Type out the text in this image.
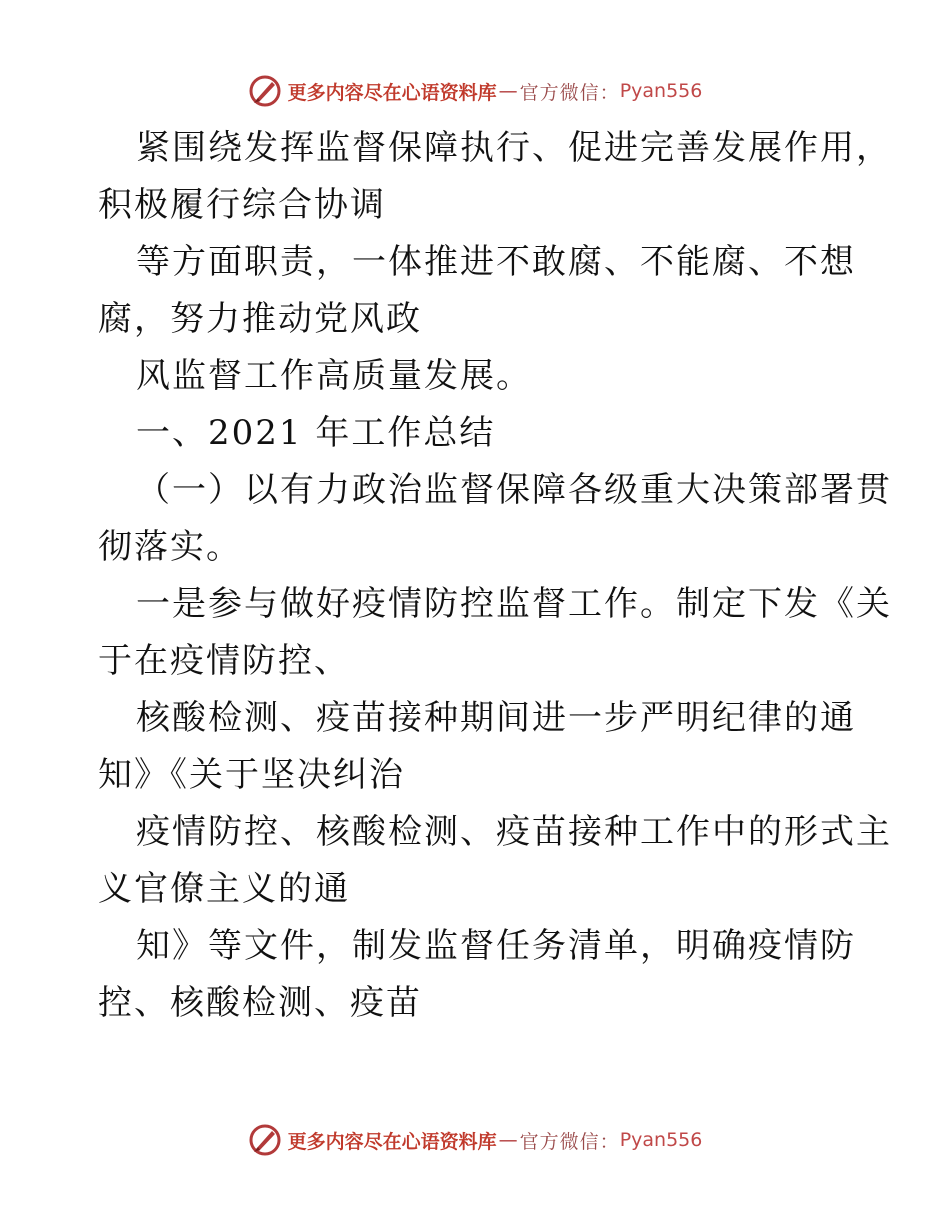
更多内容尽在心语资料库 — 官方微信： Pyan556
紧围绕发挥监督保障执行、促进完善发展作用，
积极履行综合协调
等方面职责，一体推进不敢腐、不能腐、不想
腐，努力推动党风政
风监督工作高质量发展。
一、2021 年工作总结
（一）以有力政治监督保障各级重大决策部署贯
彻落实。
一是参与做好疫情防控监督工作。制定下发《关
于在疫情防控、
核酸检测、疫苗接种期间进一步严明纪律的通
知》《关于坚决纠治
疫情防控、核酸检测、疫苗接种工作中的形式主
义官僚主义的通
知》等文件，制发监督任务清单，明确疫情防
控、核酸检测、疫苗
更多内容尽在心语资料库 — 官方微信： Pyan556
